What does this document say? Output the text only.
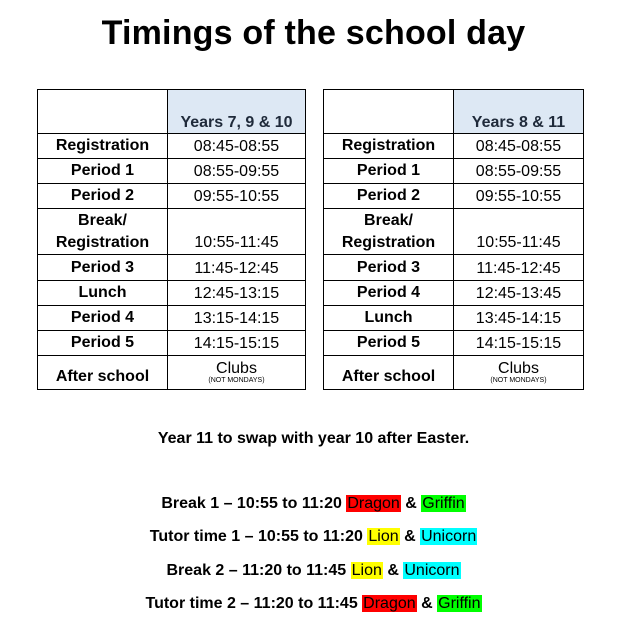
Timings of the school day
	Years 7, 9 & 10
Registration	08:45-08:55
Period 1	08:55-09:55
Period 2	09:55-10:55
Break/ Registration	10:55-11:45
Period 3	11:45-12:45
Lunch	12:45-13:15
Period 4	13:15-14:15
Period 5	14:15-15:15
After school	Clubs
(NOT MONDAYS)
	Years 8 & 11
Registration	08:45-08:55
Period 1	08:55-09:55
Period 2	09:55-10:55
Break/ Registration	10:55-11:45
Period 3	11:45-12:45
Period 4	12:45-13:45
Lunch	13:45-14:15
Period 5	14:15-15:15
After school	Clubs
(NOT MONDAYS)
Year 11 to swap with year 10 after Easter.
Break 1 – 10:55 to 11:20 Dragon & Griffin
Tutor time 1 – 10:55 to 11:20 Lion & Unicorn
Break 2 – 11:20 to 11:45 Lion & Unicorn
Tutor time 2 – 11:20 to 11:45 Dragon & Griffin
